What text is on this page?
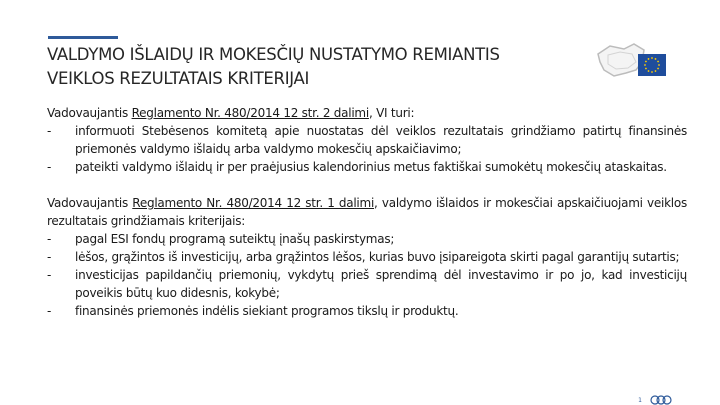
VALDYMO IŠLAIDŲ IR MOKESČIŲ NUSTATYMO REMIANTIS
VEIKLOS REZULTATAIS KRITERIJAI
Vadovaujantis Reglamento Nr. 480/2014 12 str. 2 dalimi, VI turi:
- informuoti Stebėsenos komitetą apie nuostatas dėl veiklos rezultatais grindžiamo patirtų finansinės priemonės valdymo išlaidų arba valdymo mokesčių apskaičiavimo;
- pateikti valdymo išlaidų ir per praėjusius kalendorinius metus faktiškai sumokėtų mokesčių ataskaitas.
Vadovaujantis Reglamento Nr. 480/2014 12 str. 1 dalimi, valdymo išlaidos ir mokesčiai apskaičiuojami veiklos rezultatais grindžiamais kriterijais:
- pagal ESI fondų programą suteiktų įnašų paskirstymas;
- lėšos, grąžintos iš investicijų, arba grąžintos lėšos, kurias buvo įsipareigota skirti pagal garantijų sutartis;
- investicijas papildančių priemonių, vykdytų prieš sprendimą dėl investavimo ir po jo, kad investicijų poveikis būtų kuo didesnis, kokybė;
- finansinės priemonės indėlis siekiant programos tikslų ir produktų.
1
